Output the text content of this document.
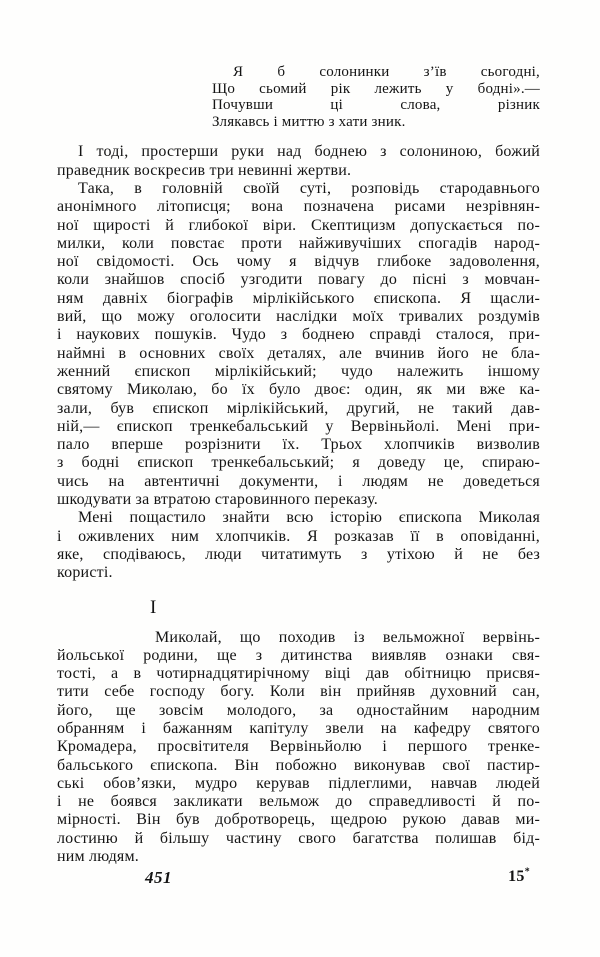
Я б солонинки з’їв сьогодні,
Що сьомий рік лежить у бодні».—
Почувши ці слова, різник
Злякавсь і миттю з хати зник.
І тоді, простерши руки над боднею з солониною, божий
праведник воскресив три невинні жертви.
Така, в головній своїй суті, розповідь стародавнього
анонімного літописця; вона позначена рисами незрівнян-
ної щирості й глибокої віри. Скептицизм допускається по-
милки, коли повстає проти найживучіших спогадів народ-
ної свідомості. Ось чому я відчув глибоке задоволення,
коли знайшов спосіб узгодити повагу до пісні з мовчан-
ням давніх біографів мірлікійського єпископа. Я щасли-
вий, що можу оголосити наслідки моїх тривалих роздумів
і наукових пошуків. Чудо з боднею справді сталося, при-
наймні в основних своїх деталях, але вчинив його не бла-
женний єпископ мірлікійський; чудо належить іншому
святому Миколаю, бо їх було двоє: один, як ми вже ка-
зали, був єпископ мірлікійський, другий, не такий дав-
ній,— єпископ тренкебальський у Вервіньйолі. Мені при-
пало вперше розрізнити їх. Трьох хлопчиків визволив
з бодні єпископ тренкебальський; я доведу це, спираю-
чись на автентичні документи, і людям не доведеться
шкодувати за втратою старовинного переказу.
Мені пощастило знайти всю історію єпископа Миколая
і оживлених ним хлопчиків. Я розказав її в оповіданні,
яке, сподіваюсь, люди читатимуть з утіхою й не без
користі.
I
Миколай, що походив із вельможної вервінь-
йольської родини, ще з дитинства виявляв ознаки свя-
тості, а в чотирнадцятирічному віці дав обітницю присвя-
тити себе господу богу. Коли він прийняв духовний сан,
його, ще зовсім молодого, за одностайним народним
обранням і бажанням капітулу звели на кафедру святого
Кромадера, просвітителя Вервіньйолю і першого тренке-
бальського єпископа. Він побожно виконував свої пастир-
ські обов’язки, мудро керував підлеглими, навчав людей
і не боявся закликати вельмож до справедливості й по-
мірності. Він був добротворець, щедрою рукою давав ми-
лостиню й більшу частину свого багатства полишав бід-
ним людям.
451	15*
